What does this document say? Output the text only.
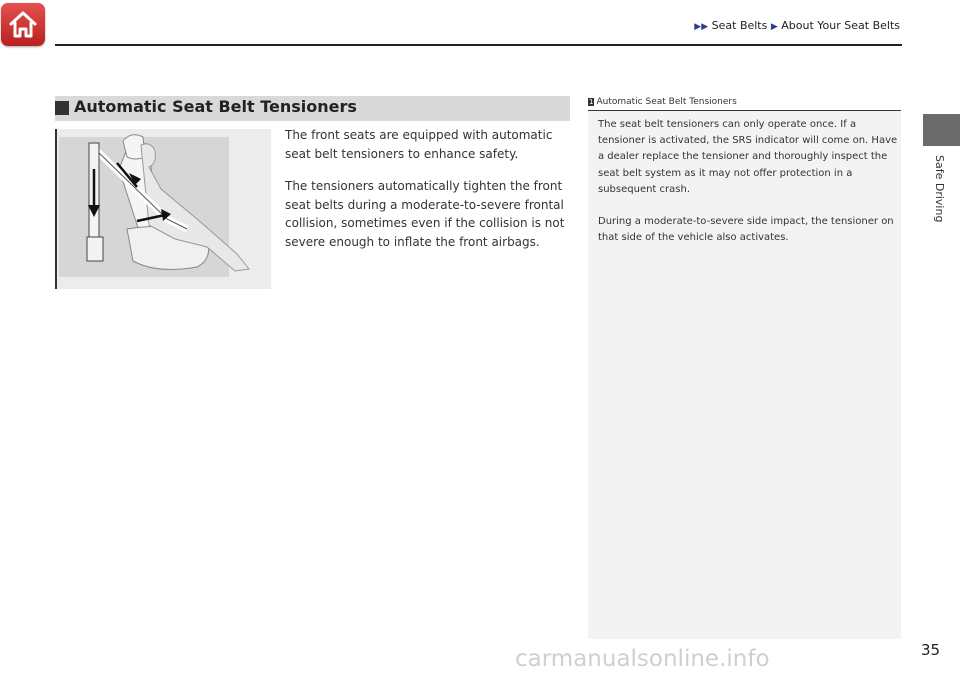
▶▶ Seat Belts ▶ About Your Seat Belts
Safe Driving
Automatic Seat Belt Tensioners

The front seats are equipped with automatic seat belt tensioners to enhance safety.

The tensioners automatically tighten the front seat belts during a moderate-to-severe frontal collision, sometimes even if the collision is not severe enough to inflate the front airbags.

1 Automatic Seat Belt Tensioners

The seat belt tensioners can only operate once. If a tensioner is activated, the SRS indicator will come on. Have a dealer replace the tensioner and thoroughly inspect the seat belt system as it may not offer protection in a subsequent crash.

During a moderate-to-severe side impact, the tensioner on that side of the vehicle also activates.

35
carmanualsonline.info
